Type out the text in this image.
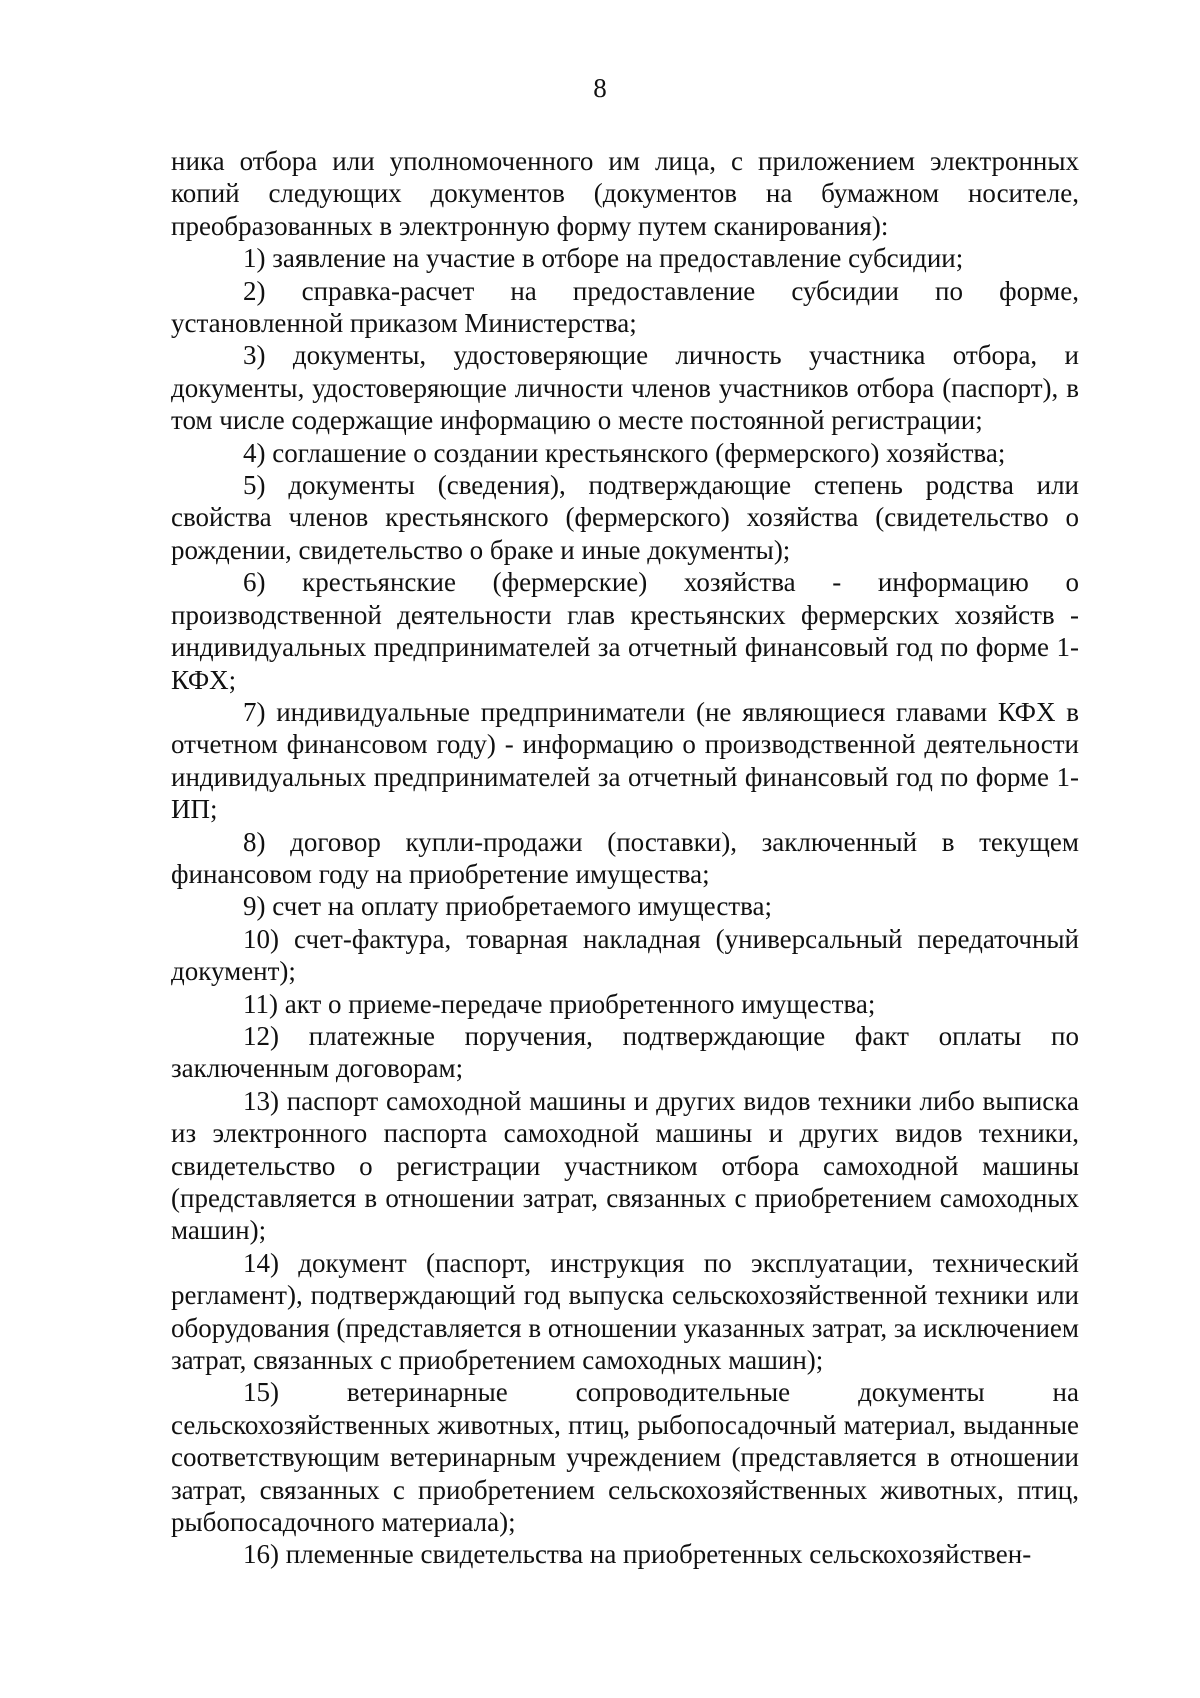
8

ника отбора или уполномоченного им лица, с приложением электронных копий следующих документов (документов на бумажном носителе, преобразованных в электронную форму путем сканирования):

1) заявление на участие в отборе на предоставление субсидии;

2) справка-расчет на предоставление субсидии по форме, установленной приказом Министерства;

3) документы, удостоверяющие личность участника отбора, и документы, удостоверяющие личности членов участников отбора (паспорт), в том числе содержащие информацию о месте постоянной регистрации;

4) соглашение о создании крестьянского (фермерского) хозяйства;

5) документы (сведения), подтверждающие степень родства или свойства членов крестьянского (фермерского) хозяйства (свидетельство о рождении, свидетельство о браке и иные документы);

6) крестьянские (фермерские) хозяйства - информацию о производственной деятельности глав крестьянских фермерских хозяйств - индивидуальных предпринимателей за отчетный финансовый год по форме 1-КФХ;

7) индивидуальные предприниматели (не являющиеся главами КФХ в отчетном финансовом году) - информацию о производственной деятельности индивидуальных предпринимателей за отчетный финансовый год по форме 1-ИП;

8) договор купли-продажи (поставки), заключенный в текущем финансовом году на приобретение имущества;

9) счет на оплату приобретаемого имущества;

10) счет-фактура, товарная накладная (универсальный передаточный документ);

11) акт о приеме-передаче приобретенного имущества;

12) платежные поручения, подтверждающие факт оплаты по заключенным договорам;

13) паспорт самоходной машины и других видов техники либо выписка из электронного паспорта самоходной машины и других видов техники, свидетельство о регистрации участником отбора самоходной машины (представляется в отношении затрат, связанных с приобретением самоходных машин);

14) документ (паспорт, инструкция по эксплуатации, технический регламент), подтверждающий год выпуска сельскохозяйственной техники или оборудования (представляется в отношении указанных затрат, за исключением затрат, связанных с приобретением самоходных машин);

15) ветеринарные сопроводительные документы на сельскохозяйственных животных, птиц, рыбопосадочный материал, выданные соответствующим ветеринарным учреждением (представляется в отношении затрат, связанных с приобретением сельскохозяйственных животных, птиц, рыбопосадочного материала);

16) племенные свидетельства на приобретенных сельскохозяйствен-
